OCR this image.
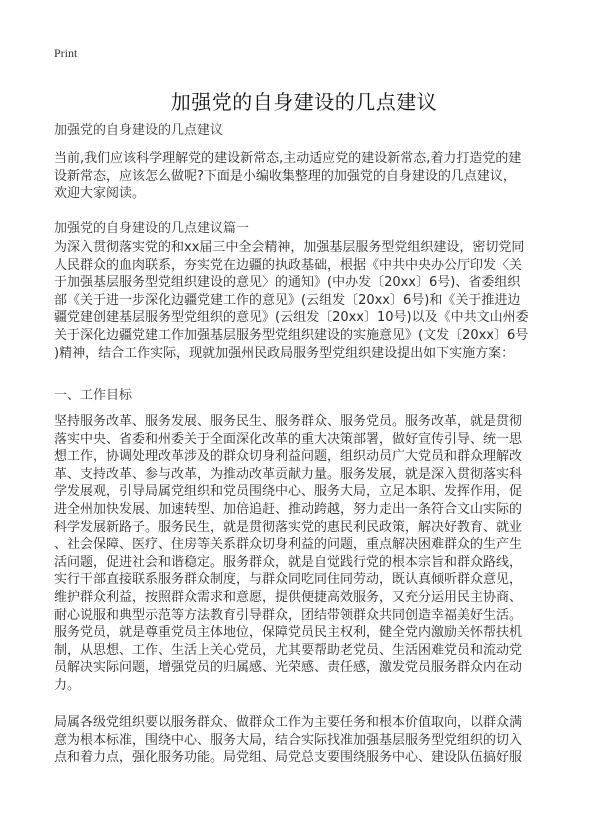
Print
加强党的自身建设的几点建议
加强党的自身建设的几点建议
当前,我们应该科学理解党的建设新常态,主动适应党的建设新常态,着力打造党的建
设新常态，应该怎么做呢?下面是小编收集整理的加强党的自身建设的几点建议，
欢迎大家阅读。
加强党的自身建设的几点建议篇一
为深入贯彻落实党的和xx届三中全会精神，加强基层服务型党组织建设，密切党同
人民群众的血肉联系，夯实党在边疆的执政基础，根据《中共中央办公厅印发〈关
于加强基层服务型党组织建设的意见〉的通知》(中办发〔20xx〕6号)、省委组织
部《关于进一步深化边疆党建工作的意见》(云组发〔20xx〕6号)和《关于推进边
疆党建创建基层服务型党组织的意见》(云组发〔20xx〕10号)以及《中共文山州委
关于深化边疆党建工作加强基层服务型党组织建设的实施意见》(文发〔20xx〕6号
)精神，结合工作实际，现就加强州民政局服务型党组织建设提出如下实施方案：
一、工作目标
坚持服务改革、服务发展、服务民生、服务群众、服务党员。服务改革，就是贯彻
落实中央、省委和州委关于全面深化改革的重大决策部署，做好宣传引导、统一思
想工作，协调处理改革涉及的群众切身利益问题，组织动员广大党员和群众理解改
革、支持改革、参与改革，为推动改革贡献力量。服务发展，就是深入贯彻落实科
学发展观，引导局属党组织和党员围绕中心、服务大局，立足本职、发挥作用，促
进全州加快发展、加速转型、加倍追赶、推动跨越，努力走出一条符合文山实际的
科学发展新路子。服务民生，就是贯彻落实党的惠民利民政策，解决好教育、就业
、社会保障、医疗、住房等关系群众切身利益的问题，重点解决困难群众的生产生
活问题，促进社会和谐稳定。服务群众，就是自觉践行党的根本宗旨和群众路线，
实行干部直接联系服务群众制度，与群众同吃同住同劳动，既认真倾听群众意见，
维护群众利益，按照群众需求和意愿，提供便捷高效服务，又充分运用民主协商、
耐心说服和典型示范等方法教育引导群众，团结带领群众共同创造幸福美好生活。
服务党员，就是尊重党员主体地位，保障党员民主权利，健全党内激励关怀帮扶机
制，从思想、工作、生活上关心党员，尤其要帮助老党员、生活困难党员和流动党
员解决实际问题，增强党员的归属感、光荣感、责任感，激发党员服务群众内在动
力。
局属各级党组织要以服务群众、做群众工作为主要任务和根本价值取向，以群众满
意为根本标准，围绕中心、服务大局，结合实际找准加强基层服务型党组织的切入
点和着力点，强化服务功能。局党组、局党总支要围绕服务中心、建设队伍搞好服
